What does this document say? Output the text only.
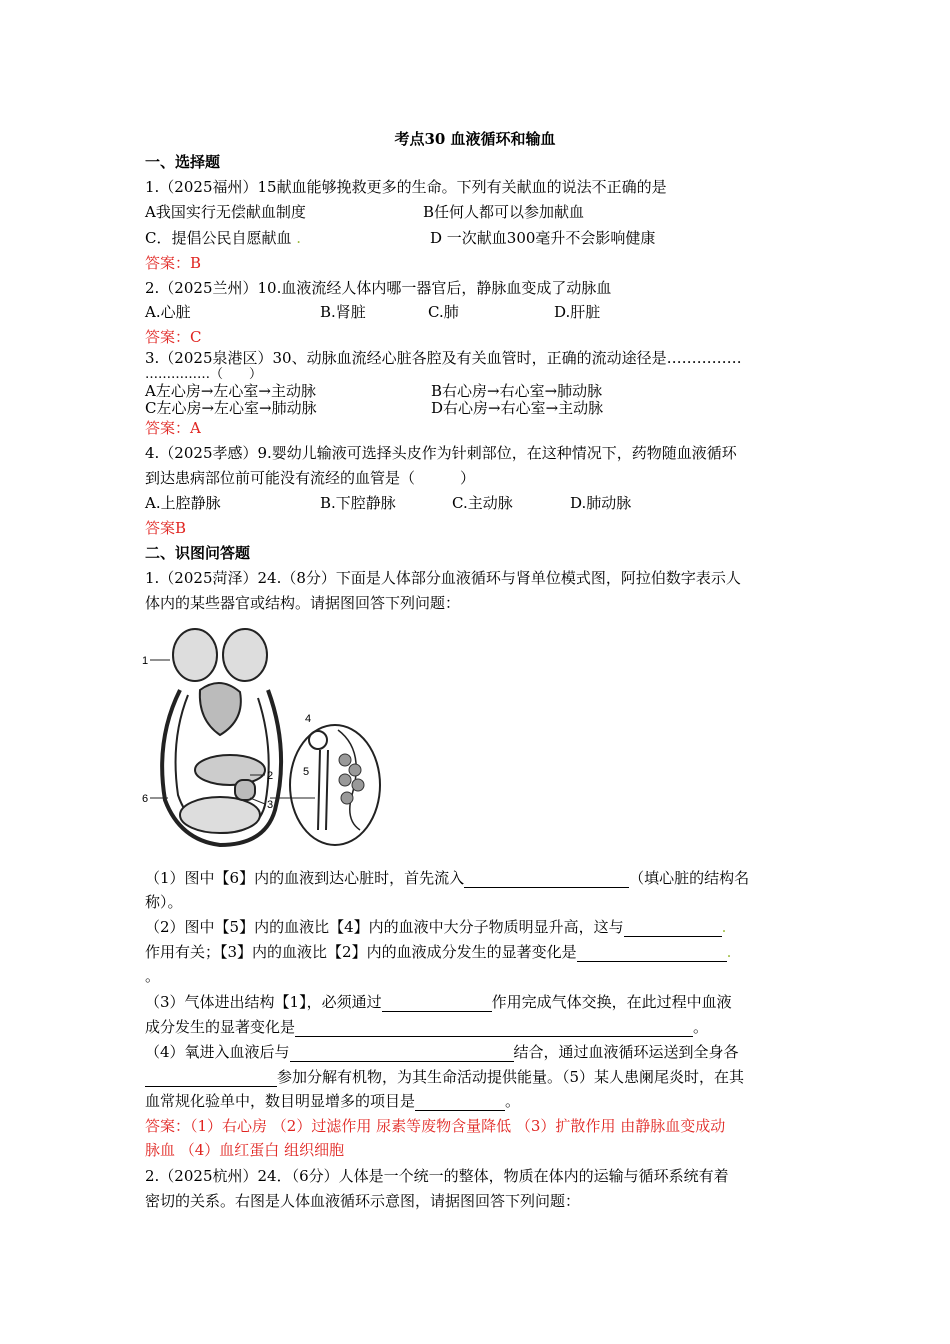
考点30 血液循环和输血
一、选择题
1.（2025福州）15献血能够挽救更多的生命。下列有关献血的说法不正确的是
A我国实行无偿献血制度	B任何人都可以参加献血
C．提倡公民自愿献血 .	D 一次献血300毫升不会影响健康
答案：B
2.（2025兰州）10.血液流经人体内哪一器官后，静脉血变成了动脉血
A.心脏	B.肾脏	C.肺	D.肝脏
答案：C
3.（2025泉港区）30、动脉血流经心脏各腔及有关血管时，正确的流动途径是……………
……………（　　）
A左心房→左心室→主动脉	B右心房→右心室→肺动脉
C左心房→左心室→肺动脉	D右心房→右心室→主动脉
答案：A
4.（2025孝感）9.婴幼儿输液可选择头皮作为针刺部位，在这种情况下，药物随血液循环
到达患病部位前可能没有流经的血管是（　　　）
A.上腔静脉	B.下腔静脉	C.主动脉	D.肺动脉
答案B
二、识图问答题
1.（2025菏泽）24.（8分）下面是人体部分血液循环与肾单位模式图，阿拉伯数字表示人
体内的某些器官或结构。请据图回答下列问题：
1
2
3
4
5
6
（1）图中【6】内的血液到达心脏时，首先流入	（填心脏的结构名
称）。
（2）图中【5】内的血液比【4】内的血液中大分子物质明显升高，这与	.
作用有关；【3】内的血液比【2】内的血液成分发生的显著变化是	.
。
（3）气体进出结构【1】，必须通过	作用完成气体交换，在此过程中血液
成分发生的显著变化是	。
（4）氧进入血液后与	结合，通过血液循环运送到全身各
参加分解有机物，为其生命活动提供能量。（5）某人患阑尾炎时，在其
血常规化验单中，数目明显增多的项目是	。
答案：（1）右心房 （2）过滤作用 尿素等废物含量降低 （3）扩散作用 由静脉血变成动
脉血 （4）血红蛋白 组织细胞
2.（2025杭州）24．（6分）人体是一个统一的整体，物质在体内的运输与循环系统有着
密切的关系。右图是人体血液循环示意图，请据图回答下列问题：
